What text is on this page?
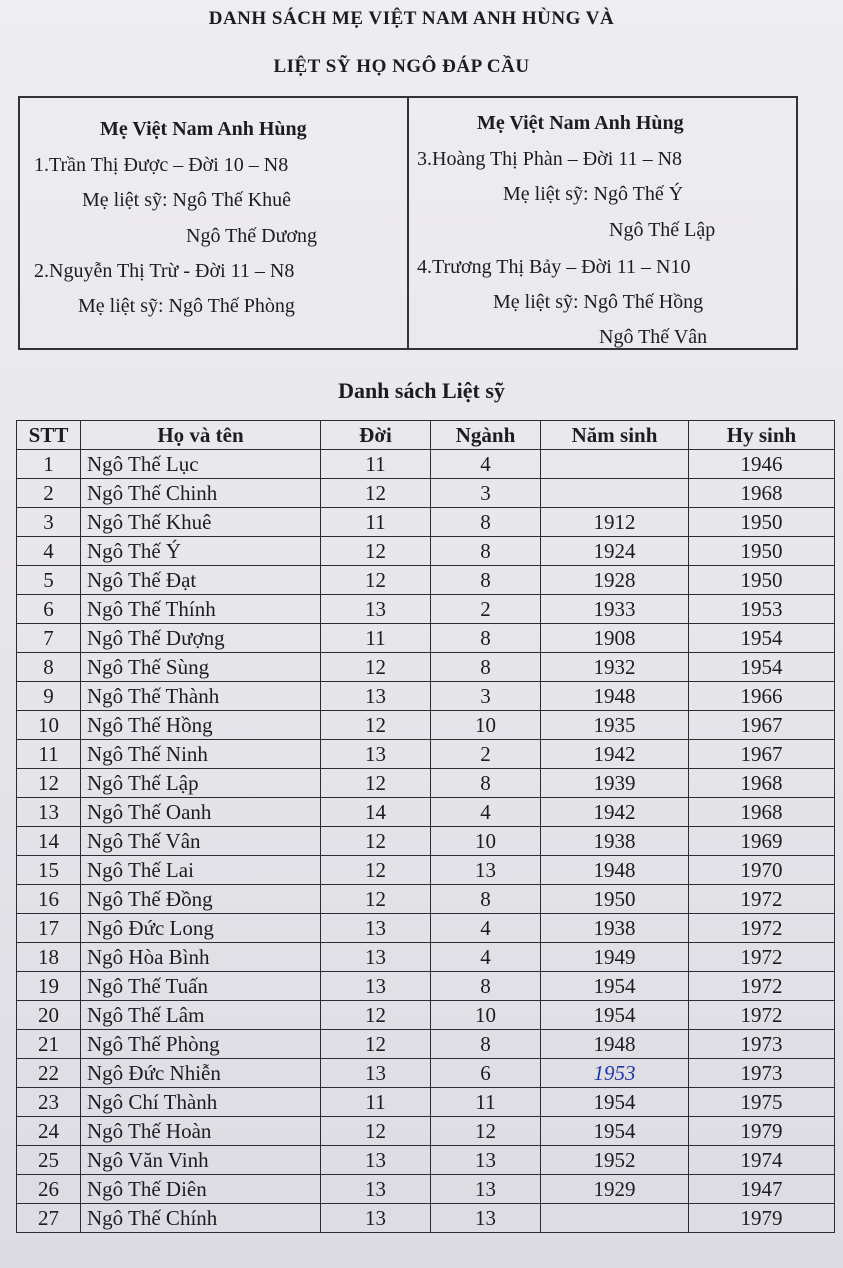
DANH SÁCH MẸ VIỆT NAM ANH HÙNG VÀ
LIỆT SỸ HỌ NGÔ ĐÁP CẦU
Mẹ Việt Nam Anh Hùng
1.Trần Thị Được – Đời 10 – N8
Mẹ liệt sỹ: Ngô Thế Khuê
Ngô Thế Dương
2.Nguyễn Thị Trừ - Đời 11 – N8
Mẹ liệt sỹ: Ngô Thế Phòng
Mẹ Việt Nam Anh Hùng
3.Hoàng Thị Phàn – Đời 11 – N8
Mẹ liệt sỹ: Ngô Thế Ý
Ngô Thế Lập
4.Trương Thị Bảy – Đời 11 – N10
Mẹ liệt sỹ: Ngô Thế Hồng
Ngô Thế Vân
Danh sách Liệt sỹ
STT	Họ và tên	Đời	Ngành	Năm sinh	Hy sinh
1	Ngô Thế Lục	11	4		1946
2	Ngô Thế Chinh	12	3		1968
3	Ngô Thế Khuê	11	8	1912	1950
4	Ngô Thế Ý	12	8	1924	1950
5	Ngô Thế Đạt	12	8	1928	1950
6	Ngô Thế Thính	13	2	1933	1953
7	Ngô Thế Dượng	11	8	1908	1954
8	Ngô Thế Sùng	12	8	1932	1954
9	Ngô Thế Thành	13	3	1948	1966
10	Ngô Thế Hồng	12	10	1935	1967
11	Ngô Thế Ninh	13	2	1942	1967
12	Ngô Thế Lập	12	8	1939	1968
13	Ngô Thế Oanh	14	4	1942	1968
14	Ngô Thế Vân	12	10	1938	1969
15	Ngô Thế Lai	12	13	1948	1970
16	Ngô Thế Đồng	12	8	1950	1972
17	Ngô Đức Long	13	4	1938	1972
18	Ngô Hòa Bình	13	4	1949	1972
19	Ngô Thế Tuấn	13	8	1954	1972
20	Ngô Thế Lâm	12	10	1954	1972
21	Ngô Thế Phòng	12	8	1948	1973
22	Ngô Đức Nhiễn	13	6	1953	1973
23	Ngô Chí Thành	11	11	1954	1975
24	Ngô Thế Hoàn	12	12	1954	1979
25	Ngô Văn Vinh	13	13	1952	1974
26	Ngô Thế Diên	13	13	1929	1947
27	Ngô Thế Chính	13	13		1979
